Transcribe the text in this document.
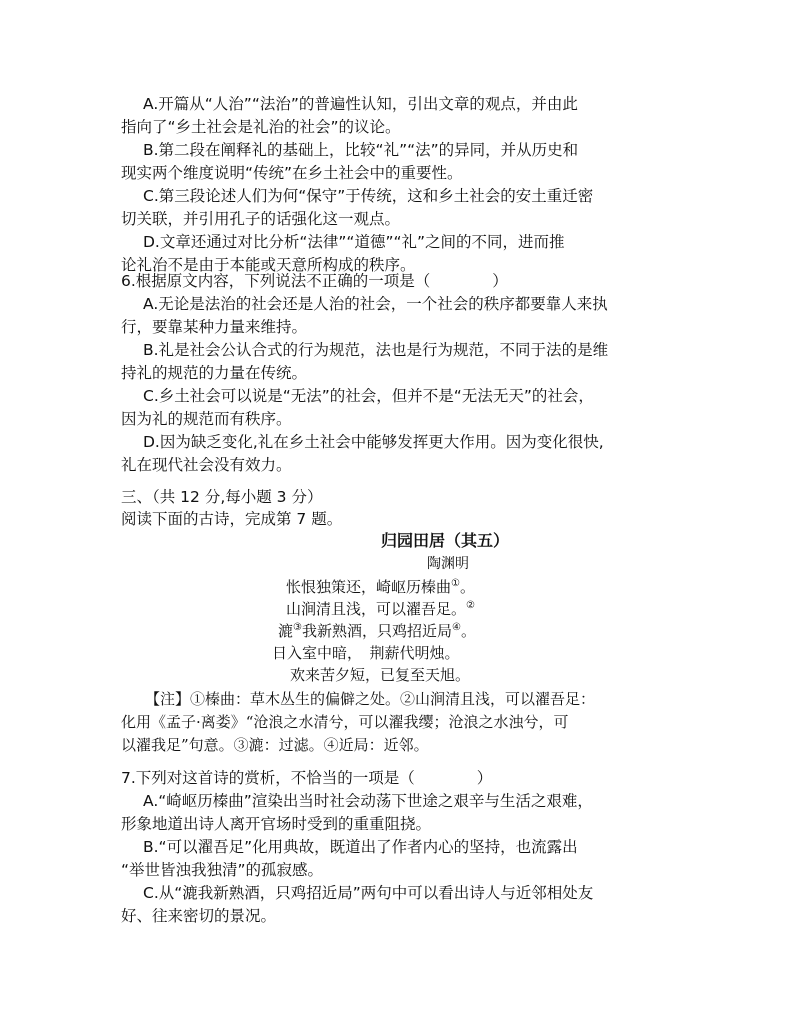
A.开篇从“人治”“法治”的普遍性认知，引出文章的观点，并由此
指向了“乡土社会是礼治的社会”的议论。
B.第二段在阐释礼的基础上，比较“礼”“法”的异同，并从历史和
现实两个维度说明“传统”在乡土社会中的重要性。
C.第三段论述人们为何“保守”于传统，这和乡土社会的安土重迁密
切关联，并引用孔子的话强化这一观点。
D.文章还通过对比分析“法律”“道德”“礼”之间的不同，进而推
论礼治不是由于本能或天意所构成的秩序。
6.根据原文内容，下列说法不正确的一项是（　　　　）
A.无论是法治的社会还是人治的社会，一个社会的秩序都要靠人来执
行，要靠某种力量来维持。
B.礼是社会公认合式的行为规范，法也是行为规范，不同于法的是维
持礼的规范的力量在传统。
C.乡土社会可以说是“无法”的社会，但并不是“无法无天”的社会，
因为礼的规范而有秩序。
D.因为缺乏变化,礼在乡土社会中能够发挥更大作用。因为变化很快,
礼在现代社会没有效力。
三、（共 12 分,每小题 3 分）
阅读下面的古诗，完成第 7 题。
归园田居（其五）
陶渊明
怅恨独策还，崎岖历榛曲①。
山涧清且浅，可以濯吾足。②
漉③我新熟酒，只鸡招近局④。
日入室中暗，　荆薪代明烛。
欢来苦夕短，已复至天旭。
【注】①榛曲：草木丛生的偏僻之处。②山涧清且浅，可以濯吾足：
化用《孟子·离娄》“沧浪之水清兮，可以濯我缨；沧浪之水浊兮，可
以濯我足”句意。③漉：过滤。④近局：近邻。
7.下列对这首诗的赏析，不恰当的一项是（　　　　）
A.“崎岖历榛曲”渲染出当时社会动荡下世途之艰辛与生活之艰难，
形象地道出诗人离开官场时受到的重重阻挠。
B.“可以濯吾足”化用典故，既道出了作者内心的坚持，也流露出
“举世皆浊我独清”的孤寂感。
C.从“漉我新熟酒，只鸡招近局”两句中可以看出诗人与近邻相处友
好、往来密切的景况。
